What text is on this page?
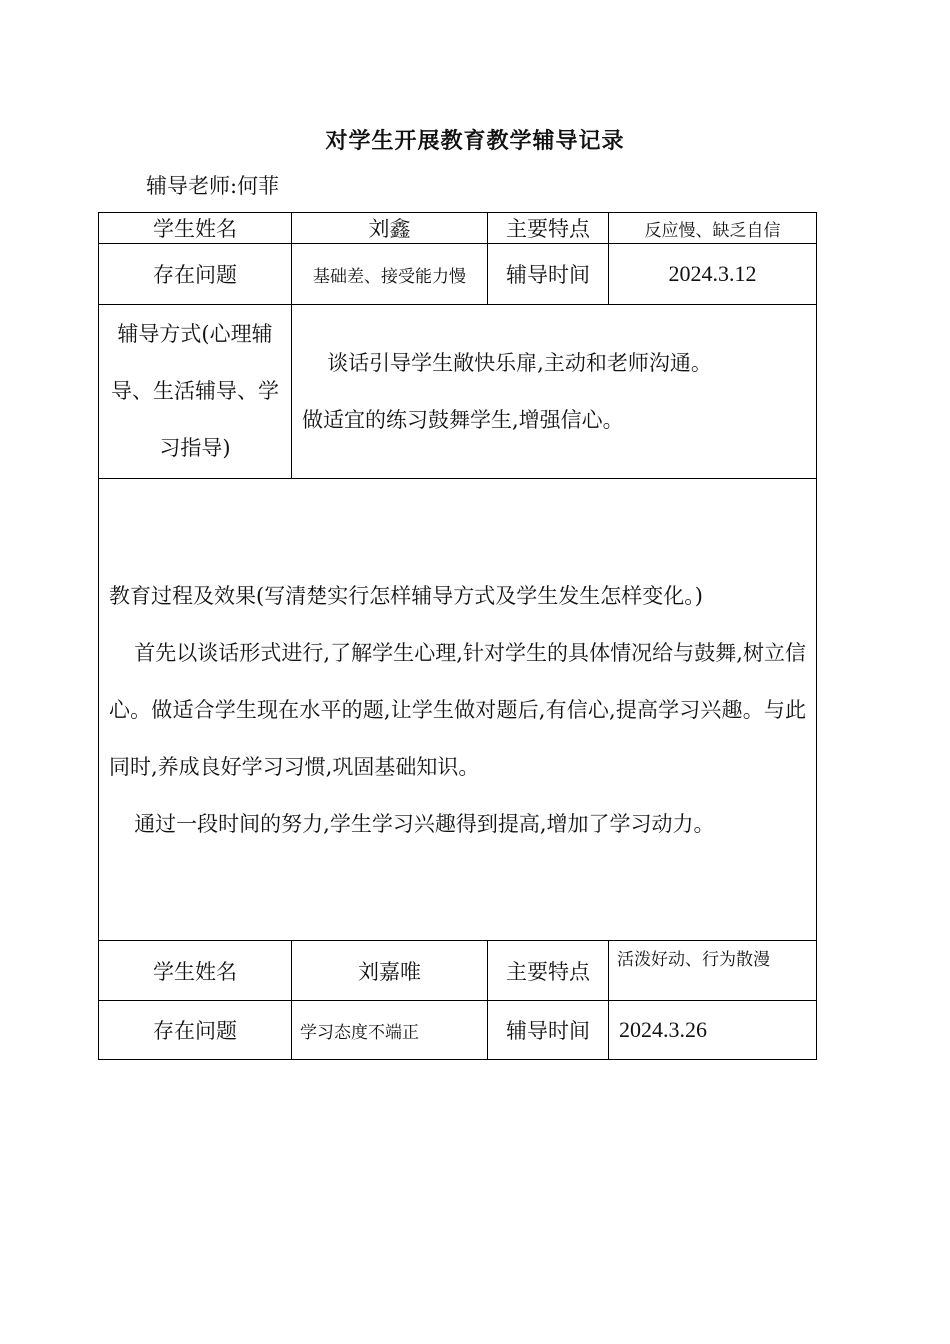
对学生开展教育教学辅导记录
辅导老师:何菲
学生姓名	刘鑫	主要特点	反应慢、缺乏自信
存在问题	基础差、接受能力慢	辅导时间	2024.3.12
辅导方式(心理辅导、生活辅导、学习指导)	谈话引导学生敞快乐扉,主动和老师沟通。
做适宜的练习鼓舞学生,增强信心。		

教育过程及效果(写清楚实行怎样辅导方式及学生发生怎样变化。)

首先以谈话形式进行,了解学生心理,针对学生的具体情况给与鼓舞,树立信心。做适合学生现在水平的题,让学生做对题后,有信心,提高学习兴趣。与此同时,养成良好学习习惯,巩固基础知识。

通过一段时间的努力,学生学习兴趣得到提高,增加了学习动力。			

学生姓名	刘嘉唯	主要特点	活泼好动、行为散漫
存在问题	学习态度不端正	辅导时间	2024.3.26
